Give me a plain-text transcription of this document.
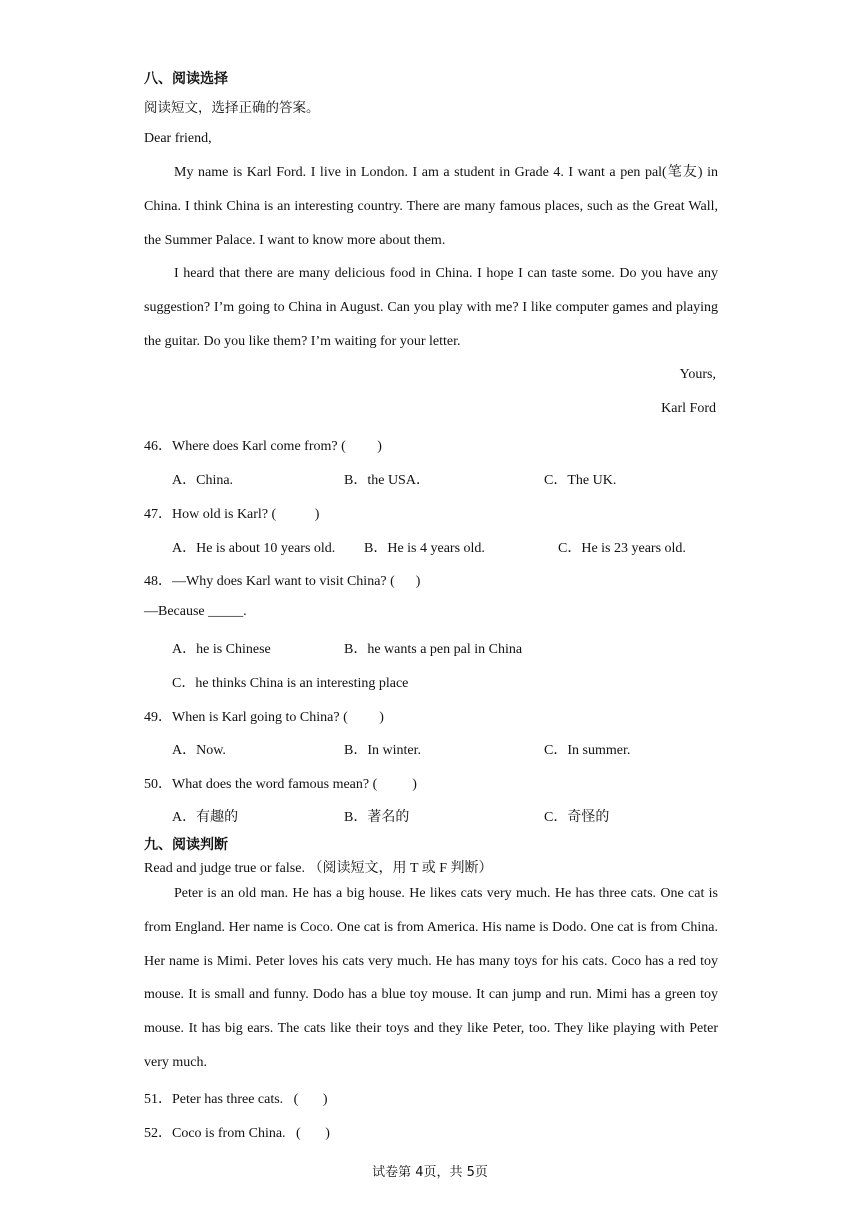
八、阅读选择
阅读短文，选择正确的答案。
Dear friend,
My name is Karl Ford. I live in London. I am a student in Grade 4. I want a pen pal(笔友) in China. I think China is an interesting country. There are many famous places, such as the Great Wall, the Summer Palace. I want to know more about them.
I heard that there are many delicious food in China. I hope I can taste some. Do you have any suggestion? I’m going to China in August. Can you play with me? I like computer games and playing the guitar. Do you like them? I’m waiting for your letter.
Yours,
Karl Ford
46．Where does Karl come from? (         )
A．China.	B．the USA．	C．The UK.
47．How old is Karl? (           )
A．He is about 10 years old. B．He is 4 years old.	C．He is 23 years old.
48．—Why does Karl want to visit China? (      )
—Because _____.
A．he is Chinese	B．he wants a pen pal in China
C．he thinks China is an interesting place
49．When is Karl going to China? (         )
A．Now.	B．In winter.	C．In summer.
50．What does the word famous mean? (          )
A．有趣的	B．著名的	C．奇怪的
九、阅读判断
Read and judge true or false. （阅读短文，用 T 或 F 判断）
Peter is an old man. He has a big house. He likes cats very much. He has three cats. One cat is from England. Her name is Coco. One cat is from America. His name is Dodo. One cat is from China. Her name is Mimi. Peter loves his cats very much. He has many toys for his cats. Coco has a red toy mouse. It is small and funny. Dodo has a blue toy mouse. It can jump and run. Mimi has a green toy mouse. It has big ears. The cats like their toys and they like Peter, too. They like playing with Peter very much.
51．Peter has three cats.   (       )
52．Coco is from China.   (       )
试卷第 4页，共 5页
